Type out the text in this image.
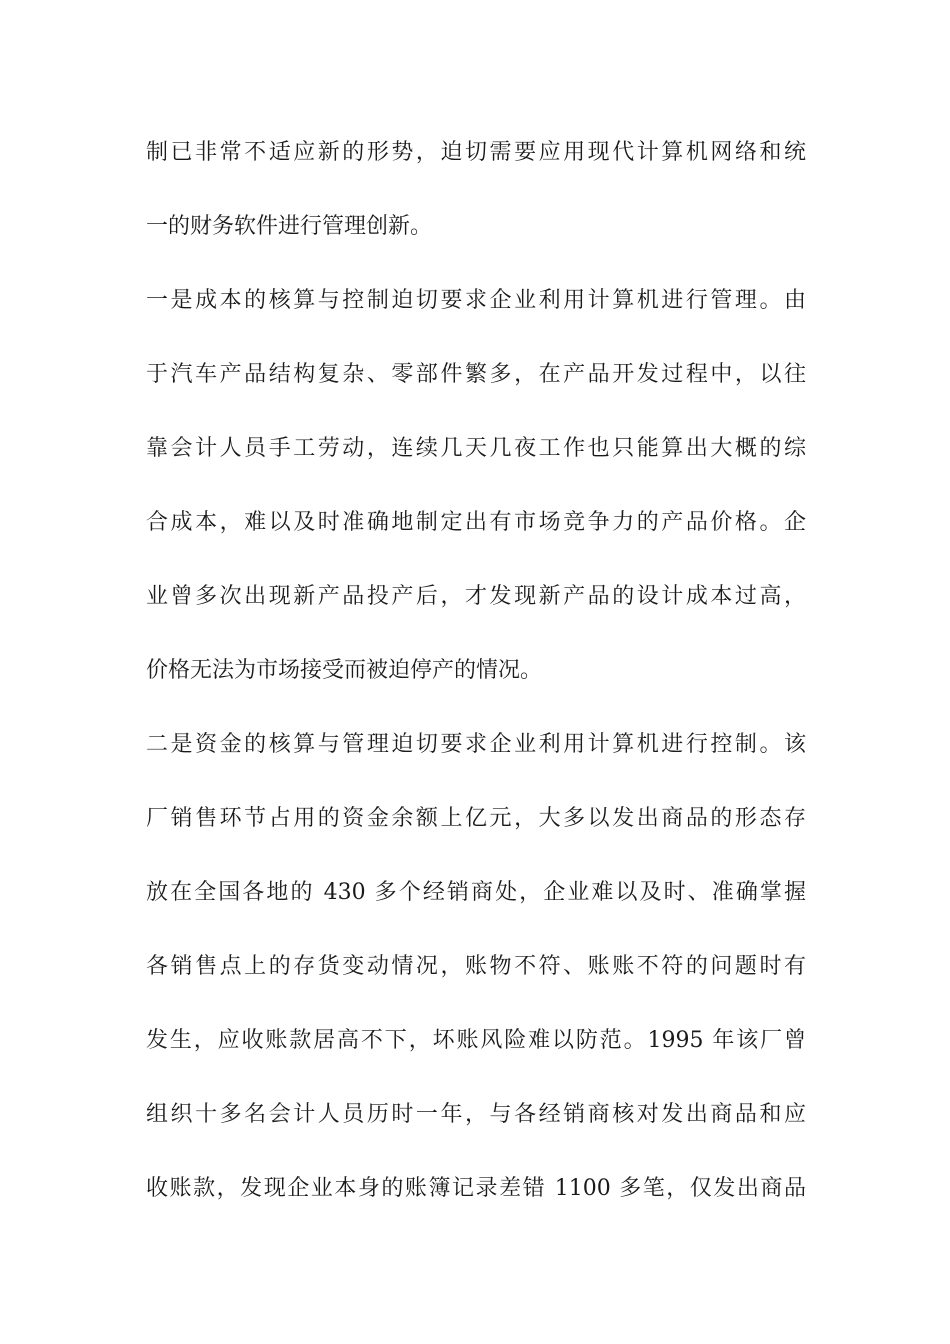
制已非常不适应新的形势，迫切需要应用现代计算机网络和统
一的财务软件进行管理创新。
一是成本的核算与控制迫切要求企业利用计算机进行管理。由
于汽车产品结构复杂、零部件繁多，在产品开发过程中，以往
靠会计人员手工劳动，连续几天几夜工作也只能算出大概的综
合成本，难以及时准确地制定出有市场竞争力的产品价格。企
业曾多次出现新产品投产后，才发现新产品的设计成本过高，
价格无法为市场接受而被迫停产的情况。
二是资金的核算与管理迫切要求企业利用计算机进行控制。该
厂销售环节占用的资金余额上亿元，大多以发出商品的形态存
放在全国各地的 430 多个经销商处，企业难以及时、准确掌握
各销售点上的存货变动情况，账物不符、账账不符的问题时有
发生，应收账款居高不下，坏账风险难以防范。1995 年该厂曾
组织十多名会计人员历时一年，与各经销商核对发出商品和应
收账款，发现企业本身的账簿记录差错 1100 多笔，仅发出商品
